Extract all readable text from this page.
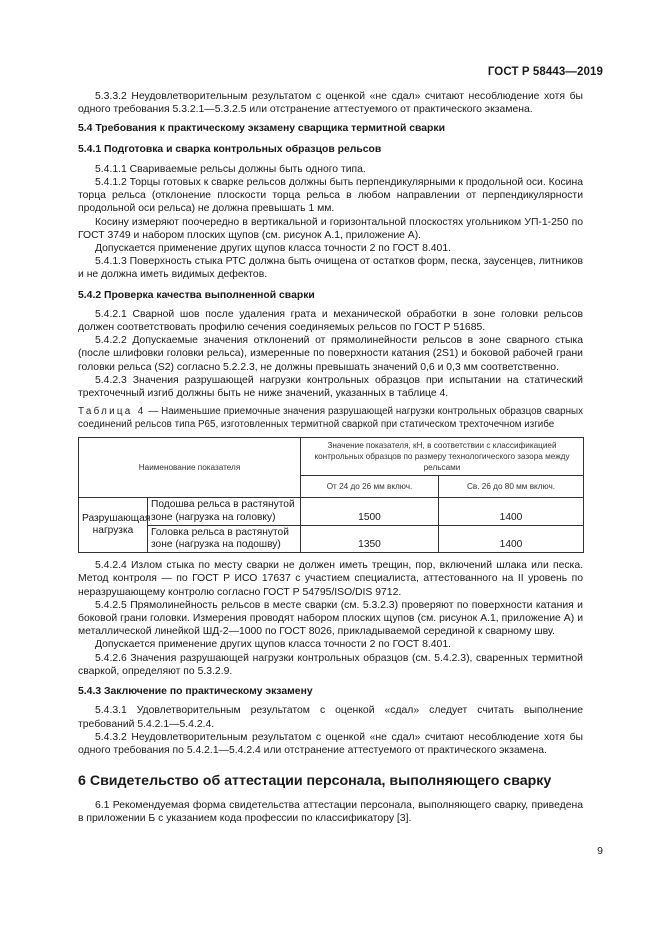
ГОСТ Р 58443—2019

5.3.3.2 Неудовлетворительным результатом с оценкой «не сдал» считают несоблюдение хотя бы одного требования 5.3.2.1—5.3.2.5 или отстранение аттестуемого от практического экзамена.

5.4 Требования к практическому экзамену сварщика термитной сварки

5.4.1 Подготовка и сварка контрольных образцов рельсов

5.4.1.1 Свариваемые рельсы должны быть одного типа.

5.4.1.2 Торцы готовых к сварке рельсов должны быть перпендикулярными к продольной оси. Косина торца рельса (отклонение плоскости торца рельса в любом направлении от перпендикулярности продольной оси рельса) не должна превышать 1 мм.

Косину измеряют поочередно в вертикальной и горизонтальной плоскостях угольником УП-1-250 по ГОСТ 3749 и набором плоских щупов (см. рисунок А.1, приложение А).

Допускается применение других щупов класса точности 2 по ГОСТ 8.401.

5.4.1.3 Поверхность стыка РТС должна быть очищена от остатков форм, песка, заусенцев, литников и не должна иметь видимых дефектов.

5.4.2 Проверка качества выполненной сварки

5.4.2.1 Сварной шов после удаления грата и механической обработки в зоне головки рельсов должен соответствовать профилю сечения соединяемых рельсов по ГОСТ Р 51685.

5.4.2.2 Допускаемые значения отклонений от прямолинейности рельсов в зоне сварного стыка (после шлифовки головки рельса), измеренные по поверхности катания (2S1) и боковой рабочей грани головки рельса (S2) согласно 5.2.2.3, не должны превышать значений 0,6 и 0,3 мм соответственно.

5.4.2.3 Значения разрушающей нагрузки контрольных образцов при испытании на статический трехточечный изгиб должны быть не ниже значений, указанных в таблице 4.

Таблица 4 — Наименьшие приемочные значения разрушающей нагрузки контрольных образцов сварных соединений рельсов типа Р65, изготовленных термитной сваркой при статическом трехточечном изгибе

Наименование показателя		Значение показателя, кН, в соответствии с классификацией контрольных образцов по размеру технологического зазора между рельсами	
		От 24 до 26 мм включ.	Св. 26 до 80 мм включ.
Разрушающая нагрузка	Подошва рельса в растянутой зоне (нагрузка на головку)	1500	1400
	Головка рельса в растянутой зоне (нагрузка на подошву)	1350	1400

5.4.2.4 Излом стыка по месту сварки не должен иметь трещин, пор, включений шлака или песка. Метод контроля — по ГОСТ Р ИСО 17637 с участием специалиста, аттестованного на II уровень по неразрушающему контролю согласно ГОСТ Р 54795/ISO/DIS 9712.

5.4.2.5 Прямолинейность рельсов в месте сварки (см. 5.3.2.3) проверяют по поверхности катания и боковой грани головки. Измерения проводят набором плоских щупов (см. рисунок А.1, приложение А) и металлической линейкой ШД-2—1000 по ГОСТ 8026, прикладываемой серединой к сварному шву.

Допускается применение других щупов класса точности 2 по ГОСТ 8.401.

5.4.2.6 Значения разрушающей нагрузки контрольных образцов (см. 5.4.2.3), сваренных термитной сваркой, определяют по 5.3.2.9.

5.4.3 Заключение по практическому экзамену

5.4.3.1 Удовлетворительным результатом с оценкой «сдал» следует считать выполнение требований 5.4.2.1—5.4.2.4.

5.4.3.2 Неудовлетворительным результатом с оценкой «не сдал» считают несоблюдение хотя бы одного требования по 5.4.2.1—5.4.2.4 или отстранение аттестуемого от практического экзамена.

6 Свидетельство об аттестации персонала, выполняющего сварку

6.1 Рекомендуемая форма свидетельства аттестации персонала, выполняющего сварку, приведена в приложении Б с указанием кода профессии по классификатору [3].

9
